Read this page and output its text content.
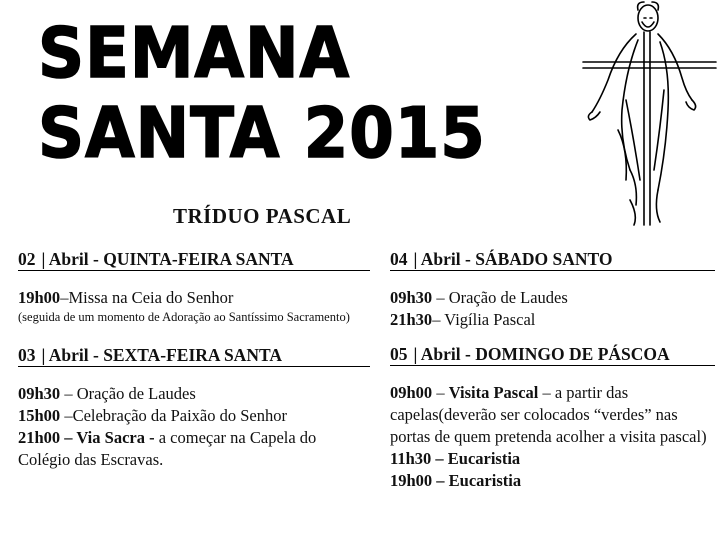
SEMANA
SANTA 2015
TRÍDUO PASCAL
02 | Abril - QUINTA-FEIRA SANTA
19h00–Missa na Ceia do Senhor
(seguida de um momento de Adoração ao Santíssimo Sacramento)
03 | Abril - SEXTA-FEIRA SANTA
09h30 – Oração de Laudes
15h00 –Celebração da Paixão do Senhor
21h00 – Via Sacra - a começar na Capela do Colégio das Escravas.
04 | Abril - SÁBADO SANTO
09h30 – Oração de Laudes
21h30– Vigília Pascal
05 | Abril - DOMINGO DE PÁSCOA
09h00 – Visita Pascal – a partir das capelas(deverão ser colocados “verdes” nas portas de quem pretenda acolher a visita pascal)
11h30 – Eucaristia
19h00 – Eucaristia
